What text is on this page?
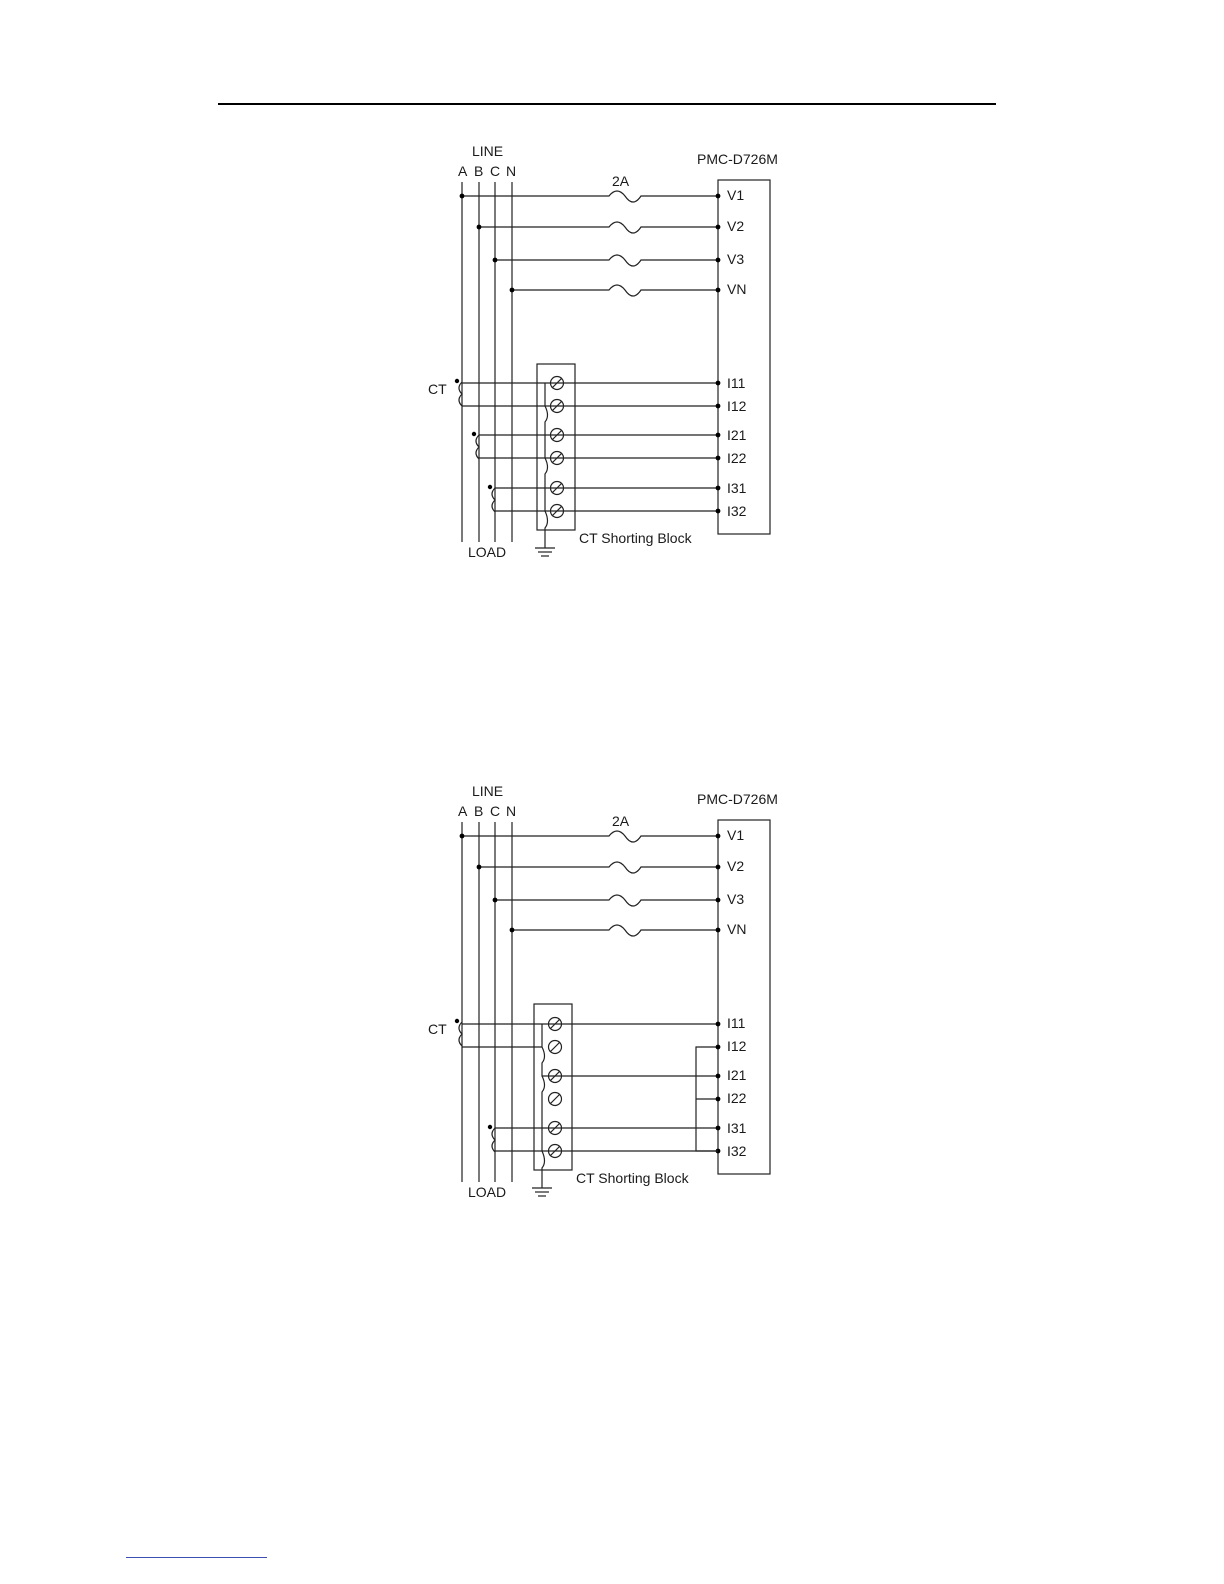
LINE
A B C N
PMC-D726M
2A
V1
V2
V3
VN
CT	I11
I12
I21
I22
I31
I32
LOAD
CT Shorting Block
LINE
A B C N
PMC-D726M
2A
V1
V2
V3
VN
CT	I11
I12
I21
I22
I31
I32
LOAD
CT Shorting Block
